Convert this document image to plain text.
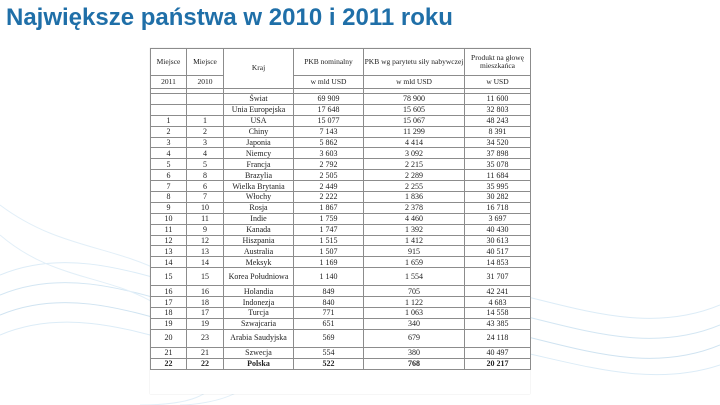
Największe państwa w 2010 i 2011 roku
Miejsce	Miejsce	Kraj	PKB nominalny	PKB wg parytetu siły nabywczej	Produkt na głowę mieszkańca
2011	2010		w mld USD	w mld USD	w USD

		Świat	69 909	78 900	11 600
		Unia Europejska	17 648	15 605	32 803
1	1	USA	15 077	15 067	48 243
2	2	Chiny	7 143	11 299	8 391
3	3	Japonia	5 862	4 414	34 520
4	4	Niemcy	3 603	3 092	37 898
5	5	Francja	2 792	2 215	35 078
6	8	Brazylia	2 505	2 289	11 684
7	6	Wielka Brytania	2 449	2 255	35 995
8	7	Włochy	2 222	1 836	30 282
9	10	Rosja	1 867	2 378	16 718
10	11	Indie	1 759	4 460	3 697
11	9	Kanada	1 747	1 392	40 430
12	12	Hiszpania	1 515	1 412	30 613
13	13	Australia	1 507	915	40 517
14	14	Meksyk	1 169	1 659	14 853
15	15	Korea Południowa	1 140	1 554	31 707
16	16	Holandia	849	705	42 241
17	18	Indonezja	840	1 122	4 683
18	17	Turcja	771	1 063	14 558
19	19	Szwajcaria	651	340	43 385
20	23	Arabia Saudyjska	569	679	24 118
21	21	Szwecja	554	380	40 497
22	22	Polska	522	768	20 217
